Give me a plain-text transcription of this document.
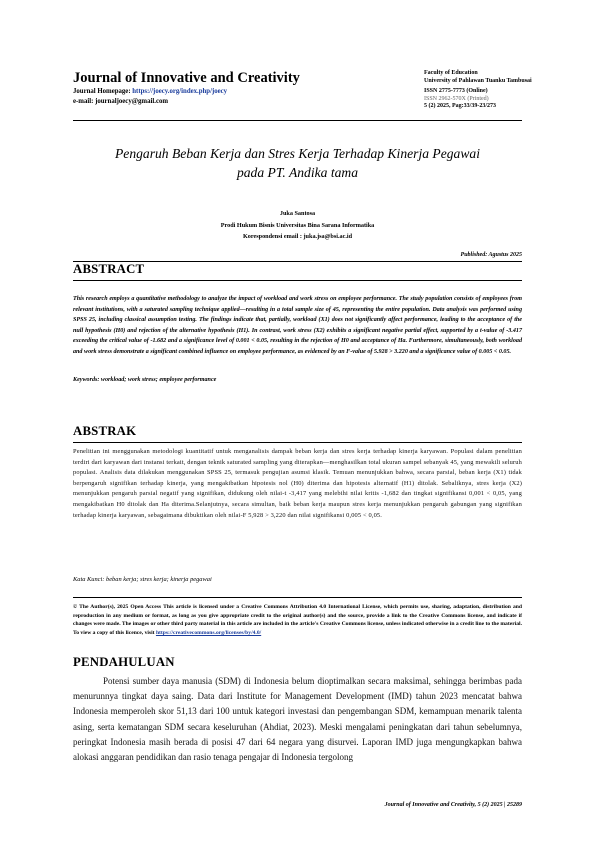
Journal of Innovative and Creativity
Journal Homepage: https://joecy.org/index.php/joecy
e-mail: journaljoecy@gmail.com
Faculty of Education
University of Pahlawan Tuanku Tambusai
ISSN 2775-7773 (Online)
ISSN 2962-570X (Printed)
5 (2) 2025, Pag:33/39-23/273
Pengaruh Beban Kerja dan Stres Kerja Terhadap Kinerja Pegawai
pada PT. Andika tama
Juka Santosa
Prodi Hukum Bisnis Universitas Bina Sarana Informatika
Korespondensi email : juka.jsa@bsi.ac.id
Published: Agustus 2025
ABSTRACT
This research employs a quantitative methodology to analyze the impact of workload and work stress on employee performance. The study population consists of employees from relevant institutions, with a saturated sampling technique applied—resulting in a total sample size of 45, representing the entire population. Data analysis was performed using SPSS 25, including classical assumption testing. The findings indicate that, partially, workload (X1) does not significantly affect performance, leading to the acceptance of the null hypothesis (H0) and rejection of the alternative hypothesis (H1). In contrast, work stress (X2) exhibits a significant negative partial effect, supported by a t-value of -3.417 exceeding the critical value of -1.682 and a significance level of 0.001 < 0.05, resulting in the rejection of H0 and acceptance of Ha. Furthermore, simultaneously, both workload and work stress demonstrate a significant combined influence on employee performance, as evidenced by an F-value of 5.928 > 3.220 and a significance value of 0.005 < 0.05.
Keywords: workload; work stress; employee performance
ABSTRAK
Penelitian ini menggunakan metodologi kuantitatif untuk menganalisis dampak beban kerja dan stres kerja terhadap kinerja karyawan. Populasi dalam penelitian terdiri dari karyawan dari instansi terkait, dengan teknik saturated sampling yang diterapkan—menghasilkan total ukuran sampel sebanyak 45, yang mewakili seluruh populasi. Analisis data dilakukan menggunakan SPSS 25, termasuk pengujian asumsi klasik. Temuan menunjukkan bahwa, secara parsial, beban kerja (X1) tidak berpengaruh signifikan terhadap kinerja, yang mengakibatkan hipotesis nol (H0) diterima dan hipotesis alternatif (H1) ditolak. Sebaliknya, stres kerja (X2) menunjukkan pengaruh parsial negatif yang signifikan, didukung oleh nilai-t -3,417 yang melebihi nilai kritis -1,682 dan tingkat signifikansi 0,001 < 0,05, yang mengakibatkan H0 ditolak dan Ha diterima.Selanjutnya, secara simultan, baik beban kerja maupun stres kerja menunjukkan pengaruh gabungan yang signifikan terhadap kinerja karyawan, sebagaimana dibuktikan oleh nilai-F 5,928 > 3,220 dan nilai signifikansi 0,005 < 0,05.
Kata Kunci: beban kerja; stres kerja; kinerja pegawai
© The Author(s), 2025 Open Access This article is licensed under a Creative Commons Attribution 4.0 International License, which permits use, sharing, adaptation, distribution and reproduction in any medium or format, as long as you give appropriate credit to the original author(s) and the source, provide a link to the Creative Commons license, and indicate if changes were made. The images or other third party material in this article are included in the article's Creative Commons license, unless indicated otherwise in a credit line to the material. To view a copy of this licence, visit https://creativecommons.org/licenses/by/4.0/
PENDAHULUAN

Potensi sumber daya manusia (SDM) di Indonesia belum dioptimalkan secara maksimal, sehingga berimbas pada menurunnya tingkat daya saing. Data dari Institute for Management Development (IMD) tahun 2023 mencatat bahwa Indonesia memperoleh skor 51,13 dari 100 untuk kategori investasi dan pengembangan SDM, kemampuan menarik talenta asing, serta kematangan SDM secara keseluruhan (Ahdiat, 2023). Meski mengalami peningkatan dari tahun sebelumnya, peringkat Indonesia masih berada di posisi 47 dari 64 negara yang disurvei. Laporan IMD juga mengungkapkan bahwa alokasi anggaran pendidikan dan rasio tenaga pengajar di Indonesia tergolong

Journal of Innovative and Creativity, 5 (2) 2025 | 25289
